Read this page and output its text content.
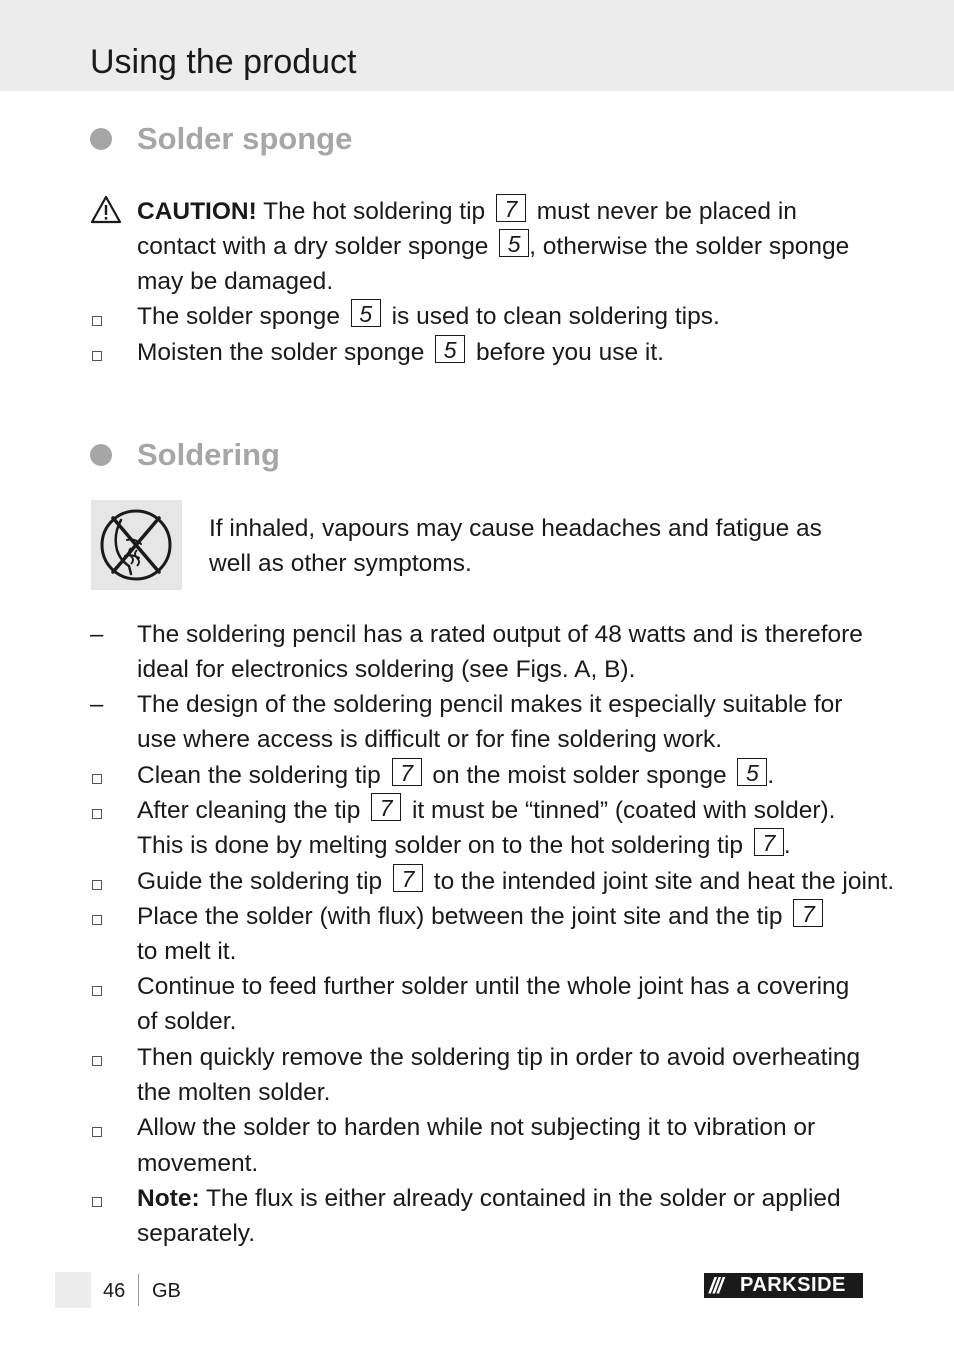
Using the product
Solder sponge
CAUTION! The hot soldering tip 7 must never be placed in
contact with a dry solder sponge 5 , otherwise the solder sponge
may be damaged.
The solder sponge 5 is used to clean soldering tips.
Moisten the solder sponge 5 before you use it.
Soldering
If inhaled, vapours may cause headaches and fatigue as
well as other symptoms.
– The soldering pencil has a rated output of 48 watts and is therefore
ideal for electronics soldering (see Figs. A, B).
– The design of the soldering pencil makes it especially suitable for
use where access is difficult or for fine soldering work.
Clean the soldering tip 7 on the moist solder sponge 5 .
After cleaning the tip 7 it must be “tinned” (coated with solder).
This is done by melting solder on to the hot soldering tip 7 .
Guide the soldering tip 7 to the intended joint site and heat the joint.
Place the solder (with flux) between the joint site and the tip 7
to melt it.
Continue to feed further solder until the whole joint has a covering
of solder.
Then quickly remove the soldering tip in order to avoid overheating
the molten solder.
Allow the solder to harden while not subjecting it to vibration or
movement.
Note: The flux is either already contained in the solder or applied
separately.
46 GB	/// PARKSIDE
